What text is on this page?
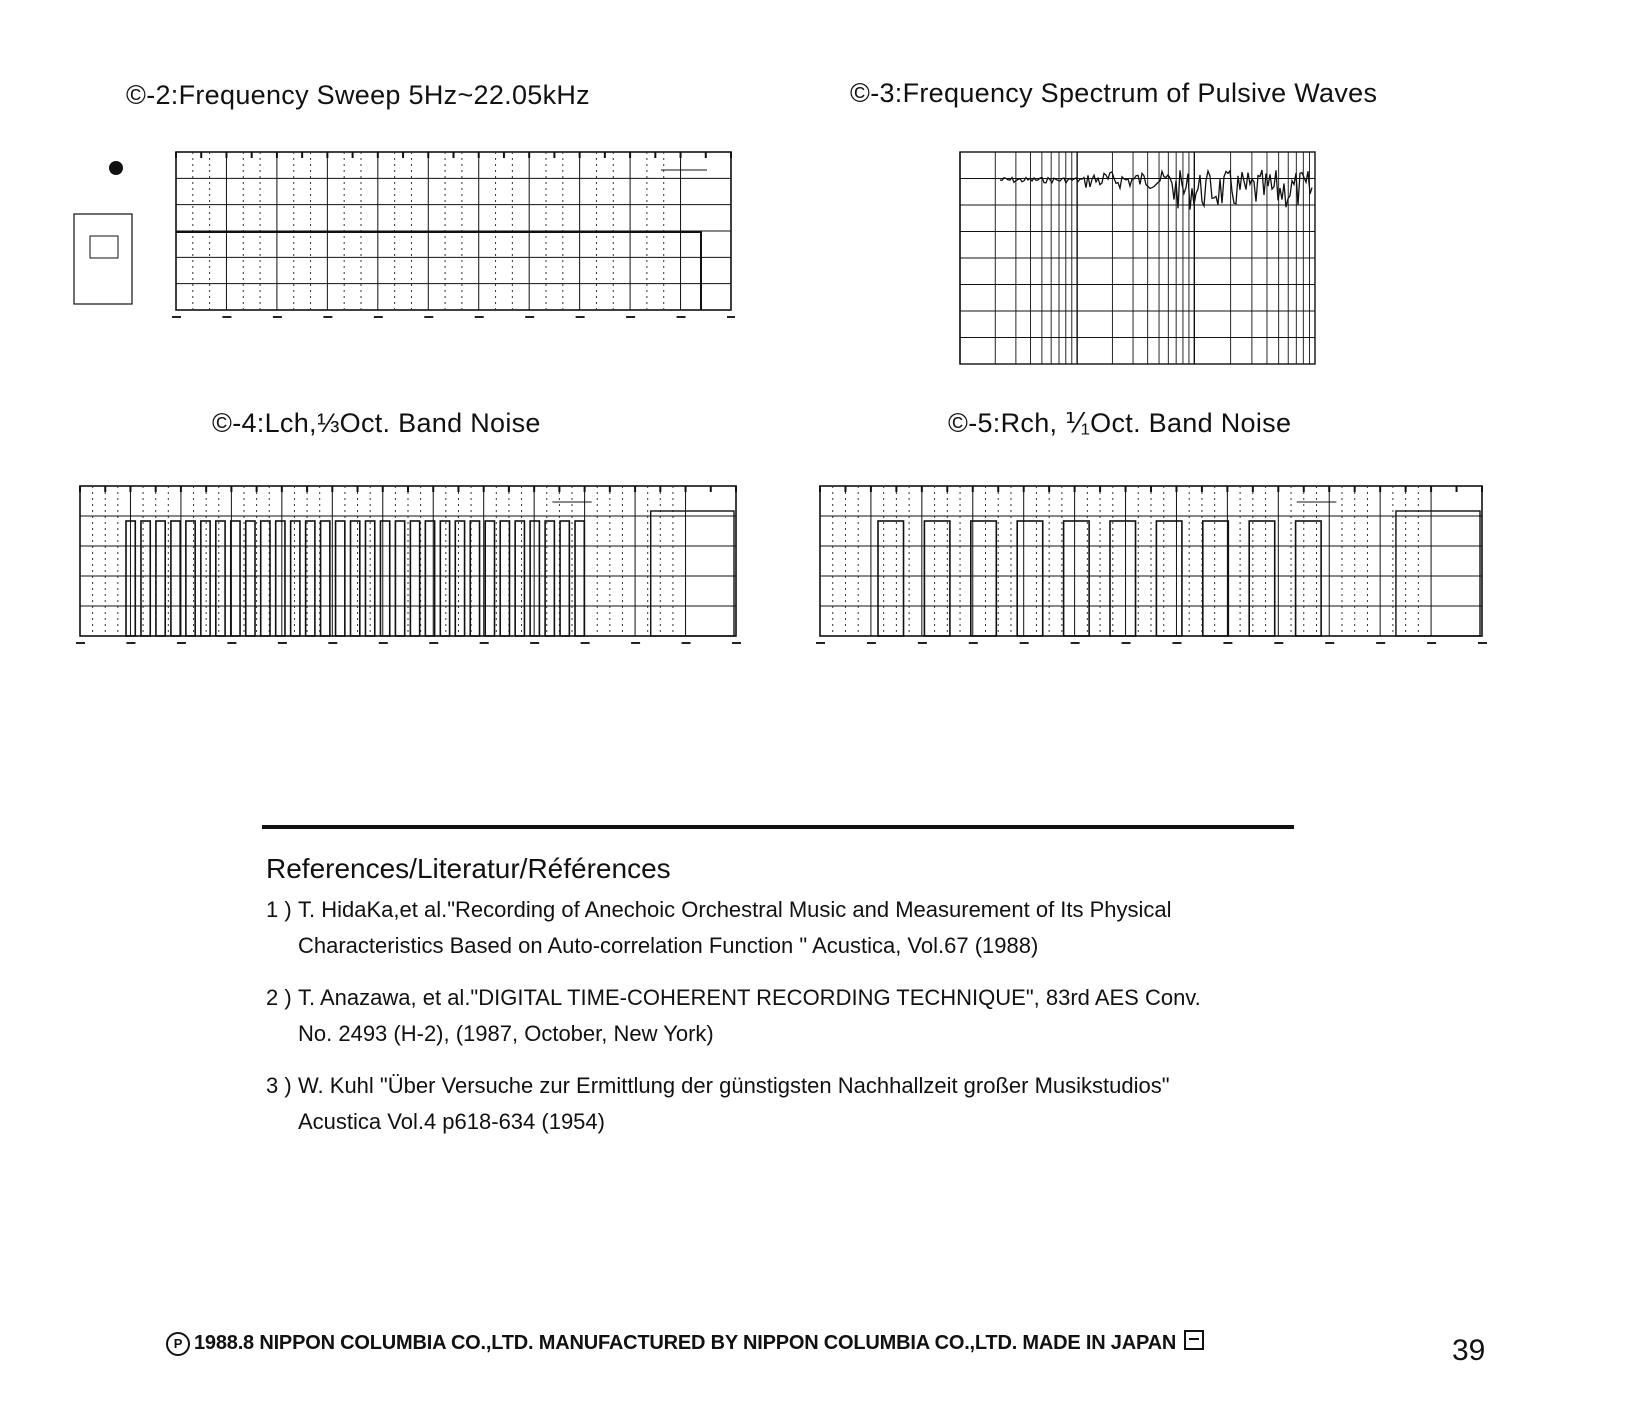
©-2:Frequency Sweep 5Hz~22.05kHz	©-3:Frequency Spectrum of Pulsive Waves
©-4:Lch,⅓Oct. Band Noise	©-5:Rch, ⅟₁Oct. Band Noise
References/Literatur/Références
1 ) T. HidaKa,et al."Recording of Anechoic Orchestral Music and Measurement of Its Physical
Characteristics Based on Auto-correlation Function " Acustica, Vol.67 (1988)
2 ) T. Anazawa, et al."DIGITAL TIME-COHERENT RECORDING TECHNIQUE", 83rd AES Conv.
No. 2493 (H-2), (1987, October, New York)
3 ) W. Kuhl "Über Versuche zur Ermittlung der günstigsten Nachhallzeit großer Musikstudios"
Acustica Vol.4 p618-634 (1954)
P 1988.8 NIPPON COLUMBIA CO.,LTD. MANUFACTURED BY NIPPON COLUMBIA CO.,LTD. MADE IN JAPAN	39
